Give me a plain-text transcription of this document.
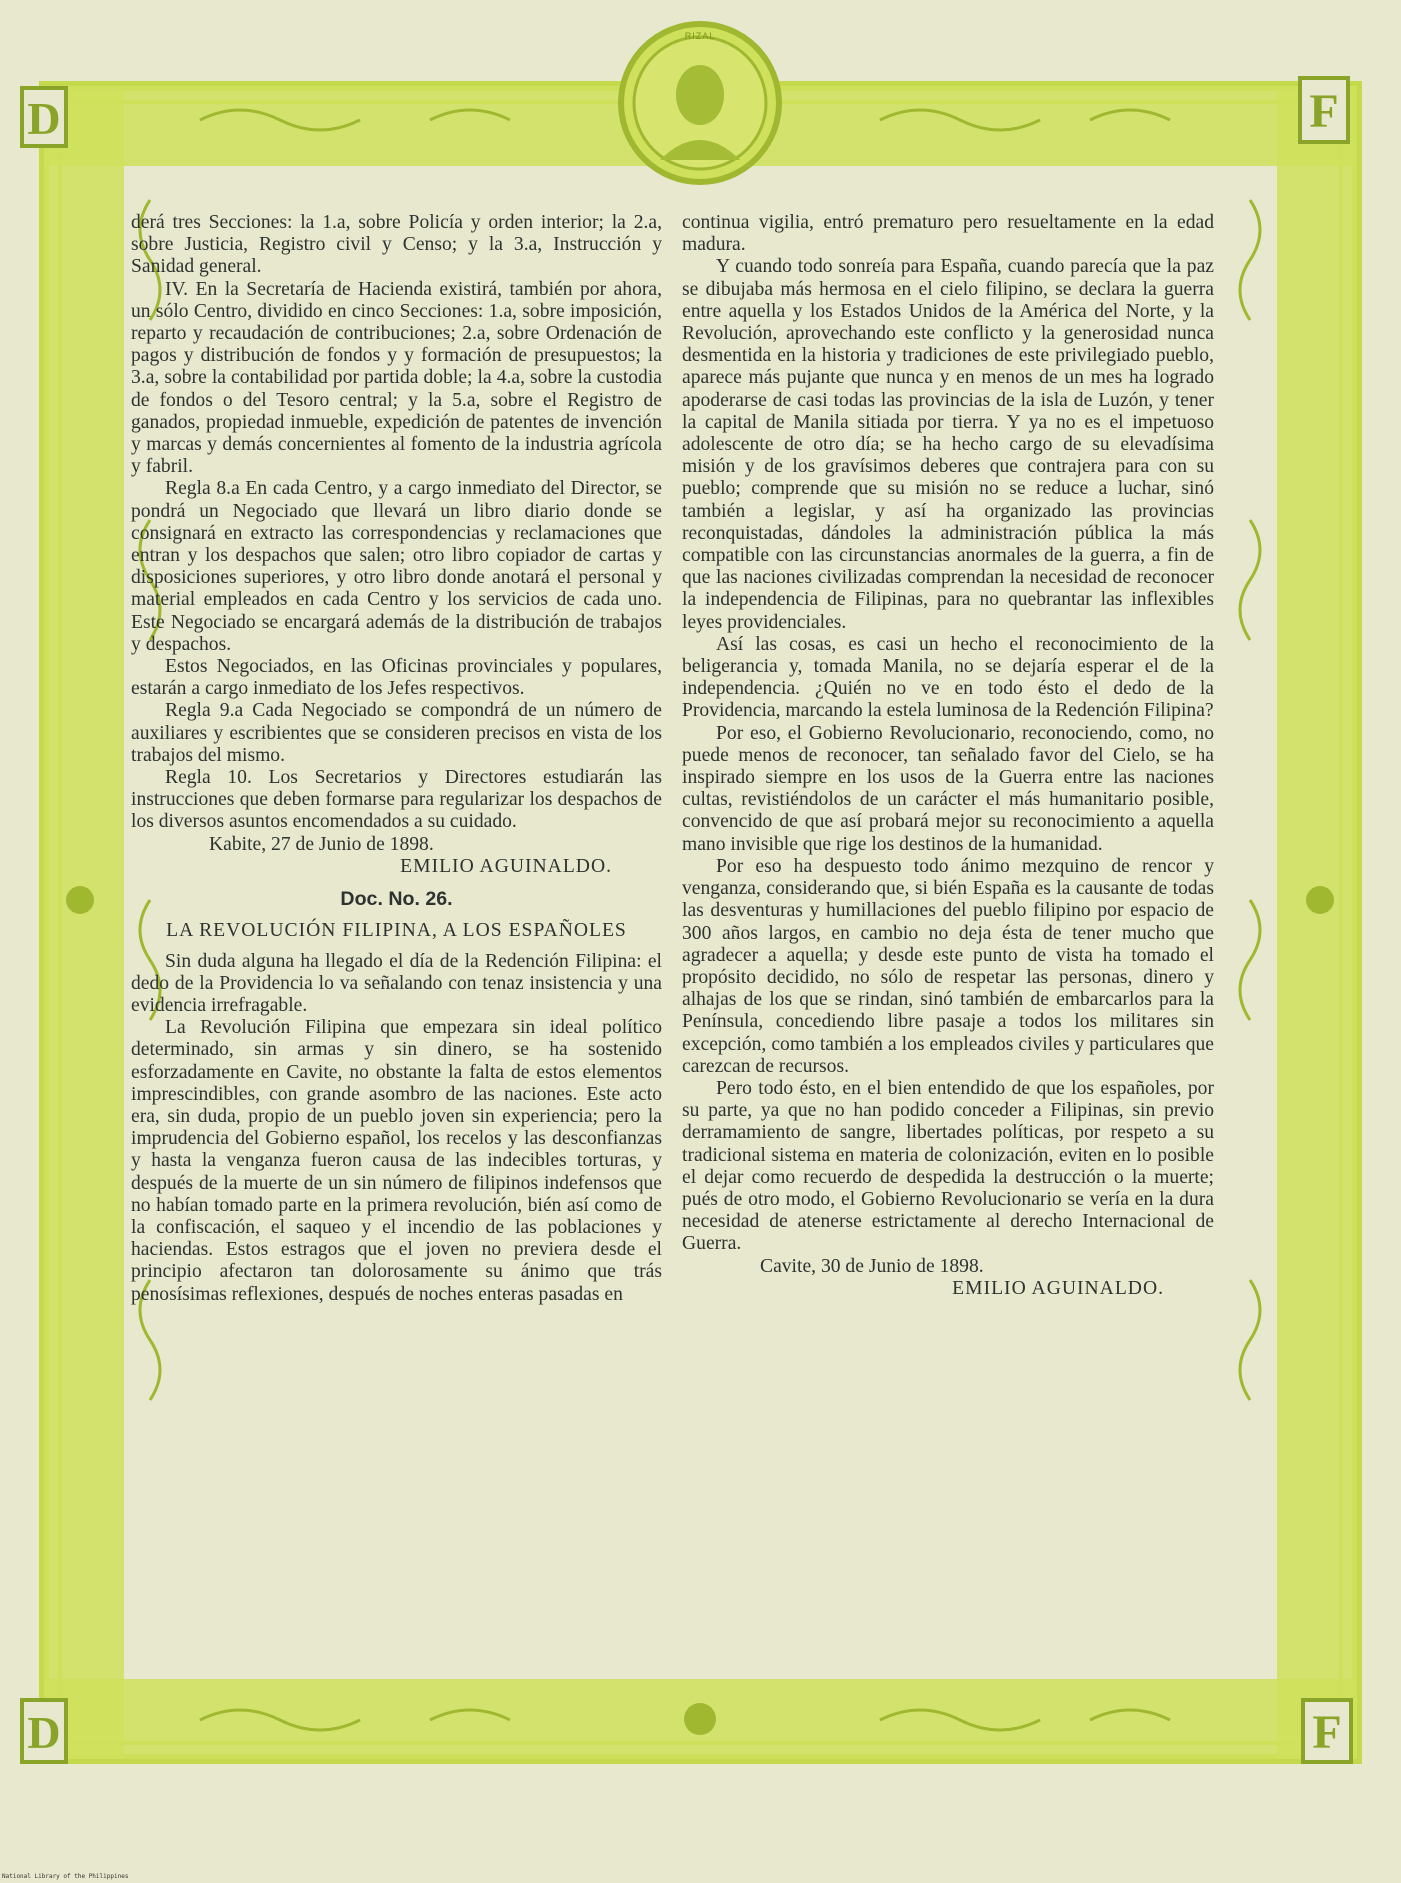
RIZAL
D	F
D	F

derá tres Secciones: la 1.a, sobre Policía y orden interior; la 2.a, sobre Justicia, Registro civil y Censo; y la 3.a, Instrucción y Sanidad general.

IV. En la Secretaría de Hacienda existirá, también por ahora, un sólo Centro, dividido en cinco Secciones: 1.a, sobre imposición, reparto y recaudación de contribuciones; 2.a, sobre Ordenación de pagos y distribución de fondos y y formación de presupuestos; la 3.a, sobre la contabilidad por partida doble; la 4.a, sobre la custodia de fondos o del Tesoro central; y la 5.a, sobre el Registro de ganados, propiedad inmueble, expedición de patentes de invención y marcas y demás concernientes al fomento de la industria agrícola y fabril.

Regla 8.a En cada Centro, y a cargo inmediato del Director, se pondrá un Negociado que llevará un libro diario donde se consignará en extracto las correspondencias y reclamaciones que entran y los despachos que salen; otro libro copiador de cartas y disposiciones superiores, y otro libro donde anotará el personal y material empleados en cada Centro y los servicios de cada uno. Este Negociado se encargará además de la distribución de trabajos y despachos.

Estos Negociados, en las Oficinas provinciales y populares, estarán a cargo inmediato de los Jefes respectivos.

Regla 9.a Cada Negociado se compondrá de un número de auxiliares y escribientes que se consideren precisos en vista de los trabajos del mismo.

Regla 10. Los Secretarios y Directores estudiarán las instrucciones que deben formarse para regularizar los despachos de los diversos asuntos encomendados a su cuidado.

Kabite, 27 de Junio de 1898.

EMILIO AGUINALDO.

Doc. No. 26.

LA REVOLUCIÓN FILIPINA, A LOS ESPAÑOLES

Sin duda alguna ha llegado el día de la Redención Filipina: el dedo de la Providencia lo va señalando con tenaz insistencia y una evidencia irrefragable.

La Revolución Filipina que empezara sin ideal político determinado, sin armas y sin dinero, se ha sostenido esforzadamente en Cavite, no obstante la falta de estos elementos imprescindibles, con grande asombro de las naciones. Este acto era, sin duda, propio de un pueblo joven sin experiencia; pero la imprudencia del Gobierno español, los recelos y las desconfianzas y hasta la venganza fueron causa de las indecibles torturas, y después de la muerte de un sin número de filipinos indefensos que no habían tomado parte en la primera revolución, bién así como de la confiscación, el saqueo y el incendio de las poblaciones y haciendas. Estos estragos que el joven no previera desde el principio afectaron tan dolorosamente su ánimo que trás penosísimas reflexiones, después de noches enteras pasadas en

continua vigilia, entró prematuro pero resueltamente en la edad madura.

Y cuando todo sonreía para España, cuando parecía que la paz se dibujaba más hermosa en el cielo filipino, se declara la guerra entre aquella y los Estados Unidos de la América del Norte, y la Revolución, aprovechando este conflicto y la generosidad nunca desmentida en la historia y tradiciones de este privilegiado pueblo, aparece más pujante que nunca y en menos de un mes ha logrado apoderarse de casi todas las provincias de la isla de Luzón, y tener la capital de Manila sitiada por tierra. Y ya no es el impetuoso adolescente de otro día; se ha hecho cargo de su elevadísima misión y de los gravísimos deberes que contrajera para con su pueblo; comprende que su misión no se reduce a luchar, sinó también a legislar, y así ha organizado las provincias reconquistadas, dándoles la administración pública la más compatible con las circunstancias anormales de la guerra, a fin de que las naciones civilizadas comprendan la necesidad de reconocer la independencia de Filipinas, para no quebrantar las inflexibles leyes providenciales.

Así las cosas, es casi un hecho el reconocimiento de la beligerancia y, tomada Manila, no se dejaría esperar el de la independencia. ¿Quién no ve en todo ésto el dedo de la Providencia, marcando la estela luminosa de la Redención Filipina?

Por eso, el Gobierno Revolucionario, reconociendo, como, no puede menos de reconocer, tan señalado favor del Cielo, se ha inspirado siempre en los usos de la Guerra entre las naciones cultas, revistiéndolos de un carácter el más humanitario posible, convencido de que así probará mejor su reconocimiento a aquella mano invisible que rige los destinos de la humanidad.

Por eso ha despuesto todo ánimo mezquino de rencor y venganza, considerando que, si bién España es la causante de todas las desventuras y humillaciones del pueblo filipino por espacio de 300 años largos, en cambio no deja ésta de tener mucho que agradecer a aquella; y desde este punto de vista ha tomado el propósito decidido, no sólo de respetar las personas, dinero y alhajas de los que se rindan, sinó también de embarcarlos para la Península, concediendo libre pasaje a todos los militares sin excepción, como también a los empleados civiles y particulares que carezcan de recursos.

Pero todo ésto, en el bien entendido de que los españoles, por su parte, ya que no han podido conceder a Filipinas, sin previo derramamiento de sangre, libertades políticas, por respeto a su tradicional sistema en materia de colonización, eviten en lo posible el dejar como recuerdo de despedida la destrucción o la muerte; pués de otro modo, el Gobierno Revolucionario se vería en la dura necesidad de atenerse estrictamente al derecho Internacional de Guerra.

Cavite, 30 de Junio de 1898.

EMILIO AGUINALDO.

National Library of the Philippines
